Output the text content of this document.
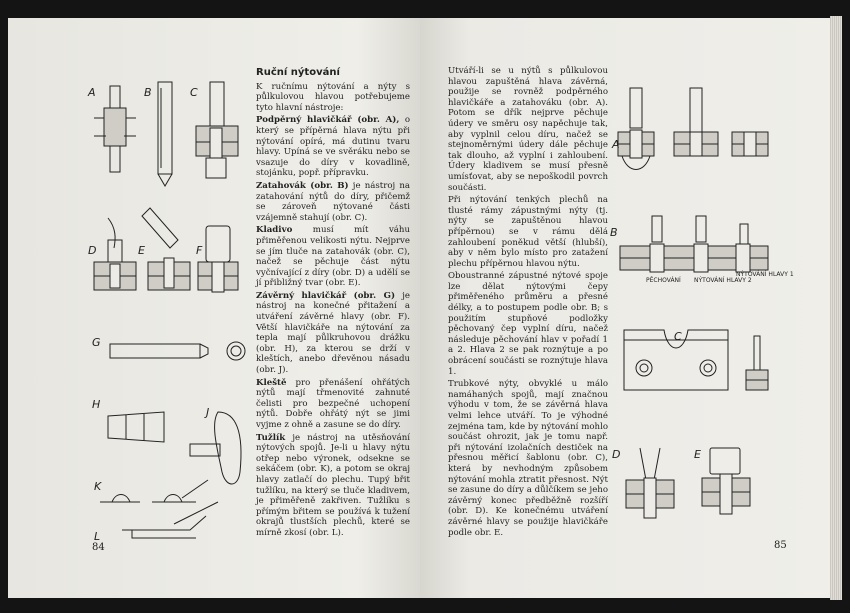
A	B	C
D	E	F
G
H
J
K
L
Ruční nýtování

K ručnímu nýtování a nýty s půlkulovou hlavou potřebujeme tyto hlavní nástroje:

Podpěrný hlavičkář (obr. A), o který se přípěrná hlava nýtu při nýtování opírá, má dutinu tvaru hlavy. Upíná se ve svěráku nebo se vsazuje do díry v kovadlině, stojánku, popř. přípravku.

Zatahovák (obr. B) je nástroj na zatahování nýtů do díry, přičemž se zároveň nýtované části vzájemně stahují (obr. C).

Kladivo musí mít váhu přiměřenou velikosti nýtu. Nejprve se jím tluče na zatahovák (obr. C), načež se pěchuje část nýtu vyčnívající z díry (obr. D) a udělí se jí přibližný tvar (obr. E).

Závěrný hlavičkář (obr. G) je nástroj na konečné přitažení a utváření závěrné hlavy (obr. F). Větší hlavičkáře na nýtování za tepla mají půlkruhovou drážku (obr. H), za kterou se drží v kleštích, anebo dřevěnou násadu (obr. J).

Kleště pro přenášení ohřátých nýtů mají třmenovité zahnuté čelisti pro bezpečné uchopení nýtů. Dobře ohřátý nýt se jimi vyjme z ohně a zasune se do díry.

Tužlík je nástroj na utěsňování nýtových spojů. Je-li u hlavy nýtu otřep nebo výronek, odsekne se sekáčem (obr. K), a potom se okraj hlavy zatlačí do plechu. Tupý břit tužlíku, na který se tluče kladivem, je přiměřeně zakřiven. Tužlíku s přímým břitem se používá k tužení okrajů tlustších plechů, které se mírně zkosí (obr. L).

84

Utváří-li se u nýtů s půlkulovou hlavou zapuštěná hlava závěrná, použije se rovněž podpěrného hlavičkáře a zatahováku (obr. A). Potom se dřík nejprve pěchuje údery ve směru osy napěchuje tak, aby vyplnil celou díru, načež se stejnoměrnými údery dále pěchuje tak dlouho, až vyplní i zahloubení. Údery kladivem se musí přesně umísťovat, aby se nepoškodil povrch součásti.

Při nýtování tenkých plechů na tlusté rámy zápustnými nýty (tj. nýty se zapuštěnou hlavou přípěrnou) se v rámu dělá zahloubení poněkud větší (hlubší), aby v něm bylo místo pro zatažení plechu přípěrnou hlavou nýtu.

Oboustranné zápustné nýtové spoje lze dělat nýtovými čepy přiměřeného průměru a přesné délky, a to postupem podle obr. B; s použitím stupňové podložky pěchovaný čep vyplní díru, načež následuje pěchování hlav v pořadí 1 a 2. Hlava 2 se pak roznýtuje a po obrácení součásti se roznýtuje hlava 1.

Trubkové nýty, obvyklé u málo namáhaných spojů, mají značnou výhodu v tom, že se závěrná hlava velmi lehce utváří. To je výhodné zejména tam, kde by nýtování mohlo součást ohrozit, jak je tomu např. při nýtování izolačních destiček na přesnou měřicí šablonu (obr. C), která by nevhodným způsobem nýtování mohla ztratit přesnost. Nýt se zasune do díry a důlčíkem se jeho závěrný konec předběžně rozšíří (obr. D). Ke konečnému utváření závěrné hlavy se použije hlavičkáře podle obr. E.

A
B
C
D	E
PĚCHOVÁNÍ NÝTOVÁNÍ HLAVY 2
NÝTOVÁNÍ HLAVY 1
85
